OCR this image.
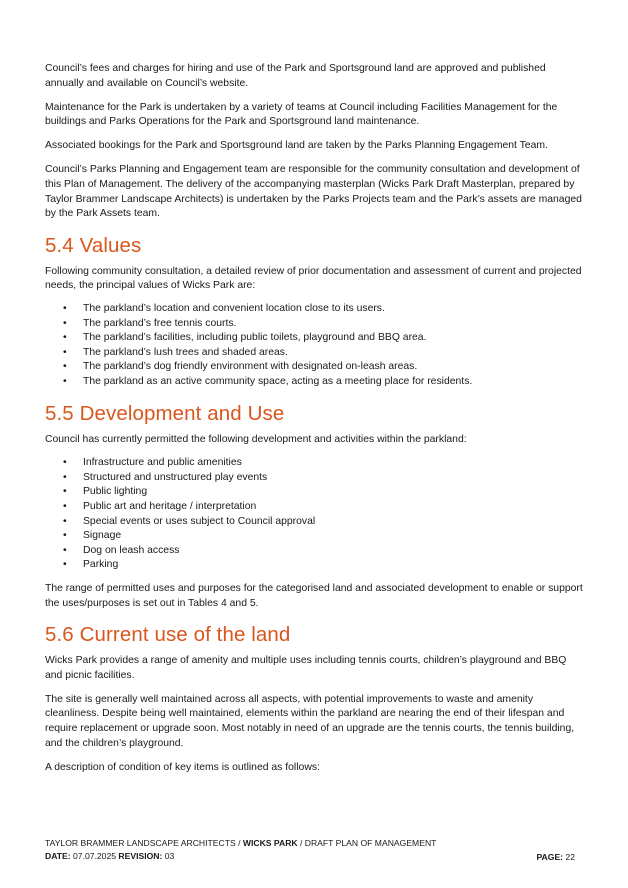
Council’s fees and charges for hiring and use of the Park and Sportsground land are approved and published annually and available on Council’s website.

Maintenance for the Park is undertaken by a variety of teams at Council including Facilities Management for the buildings and Parks Operations for the Park and Sportsground land maintenance.

Associated bookings for the Park and Sportsground land are taken by the Parks Planning Engagement Team.

Council’s Parks Planning and Engagement team are responsible for the community consultation and development of this Plan of Management. The delivery of the accompanying masterplan (Wicks Park Draft Masterplan, prepared by Taylor Brammer Landscape Architects) is undertaken by the Parks Projects team and the Park’s assets are managed by the Park Assets team.

5.4 Values

Following community consultation, a detailed review of prior documentation and assessment of current and projected needs, the principal values of Wicks Park are:

• The parkland’s location and convenient location close to its users.
• The parkland’s free tennis courts.
• The parkland’s facilities, including public toilets, playground and BBQ area.
• The parkland’s lush trees and shaded areas.
• The parkland’s dog friendly environment with designated on-leash areas.
• The parkland as an active community space, acting as a meeting place for residents.
5.5 Development and Use

Council has currently permitted the following development and activities within the parkland:

• Infrastructure and public amenities
• Structured and unstructured play events
• Public lighting
• Public art and heritage / interpretation
• Special events or uses subject to Council approval
• Signage
• Dog on leash access
• Parking

The range of permitted uses and purposes for the categorised land and associated development to enable or support the uses/purposes is set out in Tables 4 and 5.

5.6 Current use of the land

Wicks Park provides a range of amenity and multiple uses including tennis courts, children’s playground and BBQ and picnic facilities.

The site is generally well maintained across all aspects, with potential improvements to waste and amenity cleanliness. Despite being well maintained, elements within the parkland are nearing the end of their lifespan and require replacement or upgrade soon. Most notably in need of an upgrade are the tennis courts, the tennis building, and the children’s playground.

A description of condition of key items is outlined as follows:

TAYLOR BRAMMER LANDSCAPE ARCHITECTS / WICKS PARK / DRAFT PLAN OF MANAGEMENT
DATE: 07.07.2025 REVISION: 03	PAGE: 22
